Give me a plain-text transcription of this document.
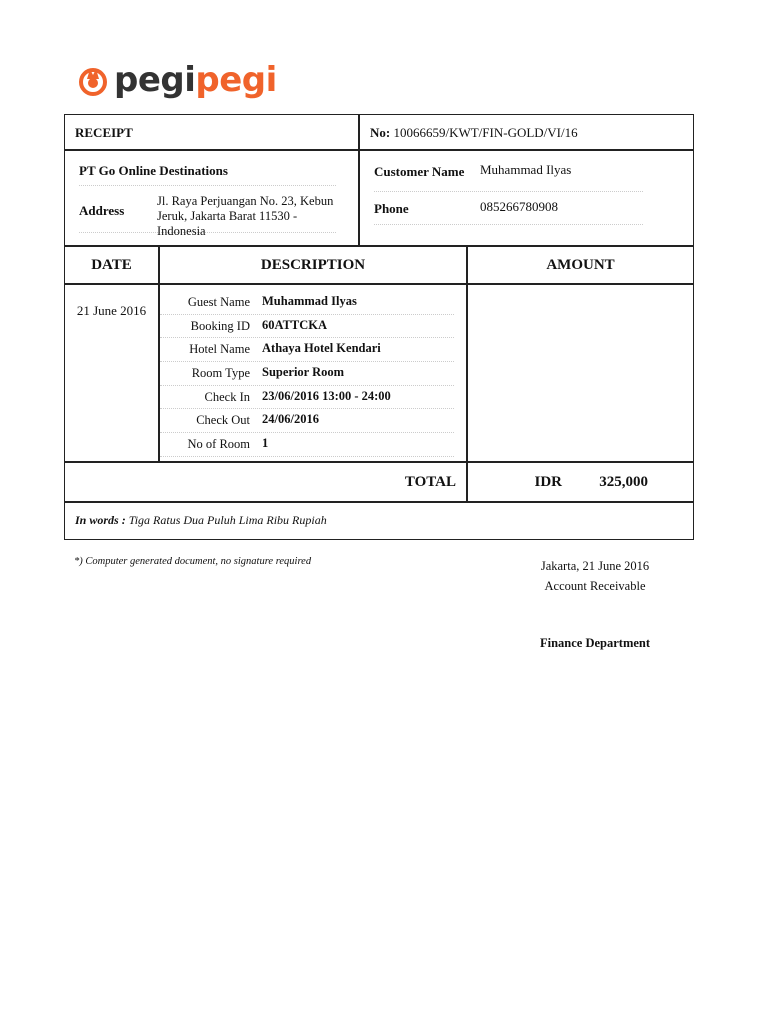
pegipegi
RECEIPT	No: 10066659/KWT/FIN-GOLD/VI/16
PT Go Online Destinations
Address
Jl. Raya Perjuangan No. 23, Kebun Jeruk, Jakarta Barat 11530 - Indonesia
Customer Name	Muhammad Ilyas
Phone	085266780908
DATE	DESCRIPTION	AMOUNT
21 June 2016
Guest Name Muhammad Ilyas
Booking ID 60ATTCKA
Hotel Name Athaya Hotel Kendari
Room Type Superior Room
Check In 23/06/2016 13:00 - 24:00
Check Out 24/06/2016
No of Room 1
TOTAL	IDR	325,000
In words : Tiga Ratus Dua Puluh Lima Ribu Rupiah
*) Computer generated document, no signature required	Jakarta, 21 June 2016
Account Receivable
Finance Department
